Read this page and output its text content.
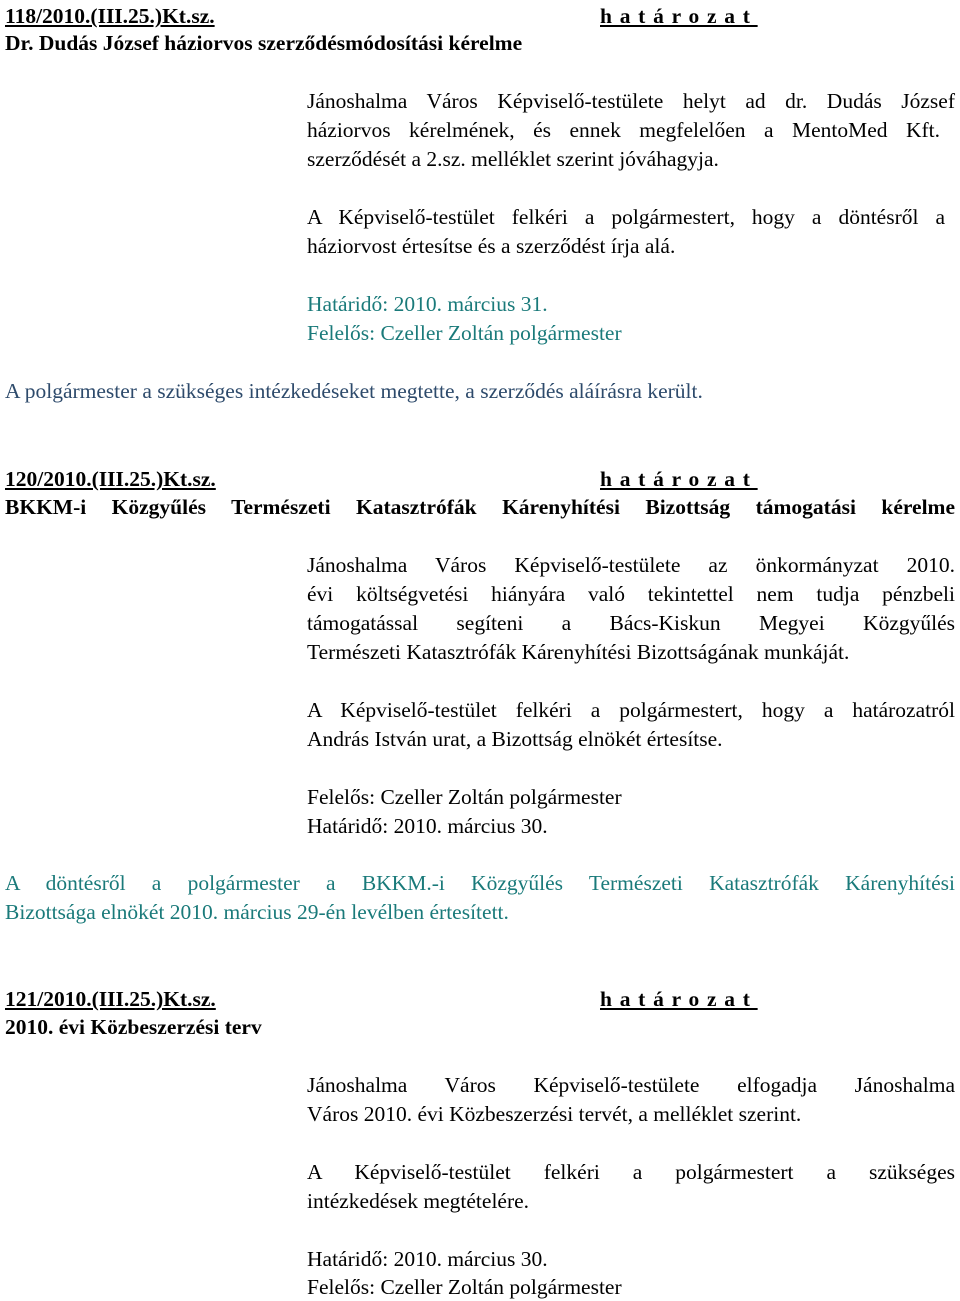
118/2010.(III.25.)Kt.sz.	határozat
Dr. Dudás József háziorvos szerződésmódosítási kérelme
Jánoshalma Város Képviselő-testülete helyt ad dr. Dudás József
háziorvos kérelmének, és ennek megfelelően a MentoMed Kft.
szerződését a 2.sz. melléklet szerint jóváhagyja.
A Képviselő-testület felkéri a polgármestert, hogy a döntésről a
háziorvost értesítse és a szerződést írja alá.
Határidő: 2010. március 31.
Felelős: Czeller Zoltán polgármester
A polgármester a szükséges intézkedéseket megtette, a szerződés aláírásra került.
120/2010.(III.25.)Kt.sz.	határozat
BKKM-i Közgyűlés Természeti Katasztrófák Kárenyhítési Bizottság támogatási kérelme
Jánoshalma Város Képviselő-testülete az önkormányzat 2010.
évi költségvetési hiányára való tekintettel nem tudja pénzbeli
támogatással segíteni a Bács-Kiskun Megyei Közgyűlés
Természeti Katasztrófák Kárenyhítési Bizottságának munkáját.
A Képviselő-testület felkéri a polgármestert, hogy a határozatról
András István urat, a Bizottság elnökét értesítse.
Felelős: Czeller Zoltán polgármester
Határidő: 2010. március 30.
A döntésről a polgármester a BKKM.-i Közgyűlés Természeti Katasztrófák Kárenyhítési
Bizottsága elnökét 2010. március 29-én levélben értesített.
121/2010.(III.25.)Kt.sz.	határozat
2010. évi Közbeszerzési terv
Jánoshalma Város Képviselő-testülete elfogadja Jánoshalma
Város 2010. évi Közbeszerzési tervét, a melléklet szerint.
A Képviselő-testület felkéri a polgármestert a szükséges
intézkedések megtételére.
Határidő: 2010. március 30.
Felelős: Czeller Zoltán polgármester
